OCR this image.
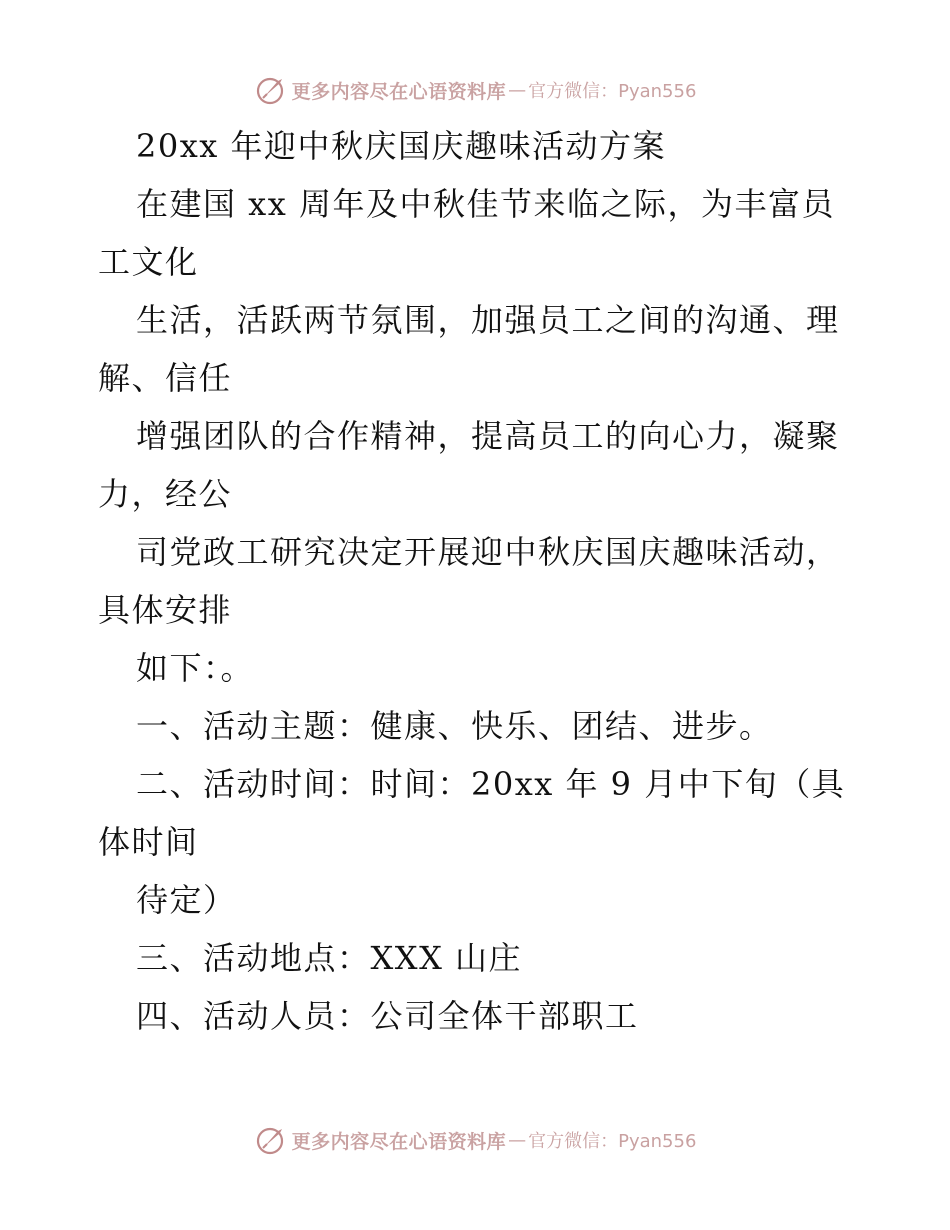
更多内容尽在心语资料库 — 官方微信：Pyan556
20xx 年迎中秋庆国庆趣味活动方案
在建国 xx 周年及中秋佳节来临之际，为丰富员
工文化
生活，活跃两节氛围，加强员工之间的沟通、理
解、信任
增强团队的合作精神，提高员工的向心力，凝聚
力，经公
司党政工研究决定开展迎中秋庆国庆趣味活动，
具体安排
如下：。
一、活动主题：健康、快乐、团结、进步。
二、活动时间：时间：20xx 年 9 月中下旬（具
体时间
待定）
三、活动地点：XXX 山庄
四、活动人员：公司全体干部职工
更多内容尽在心语资料库 — 官方微信：Pyan556
